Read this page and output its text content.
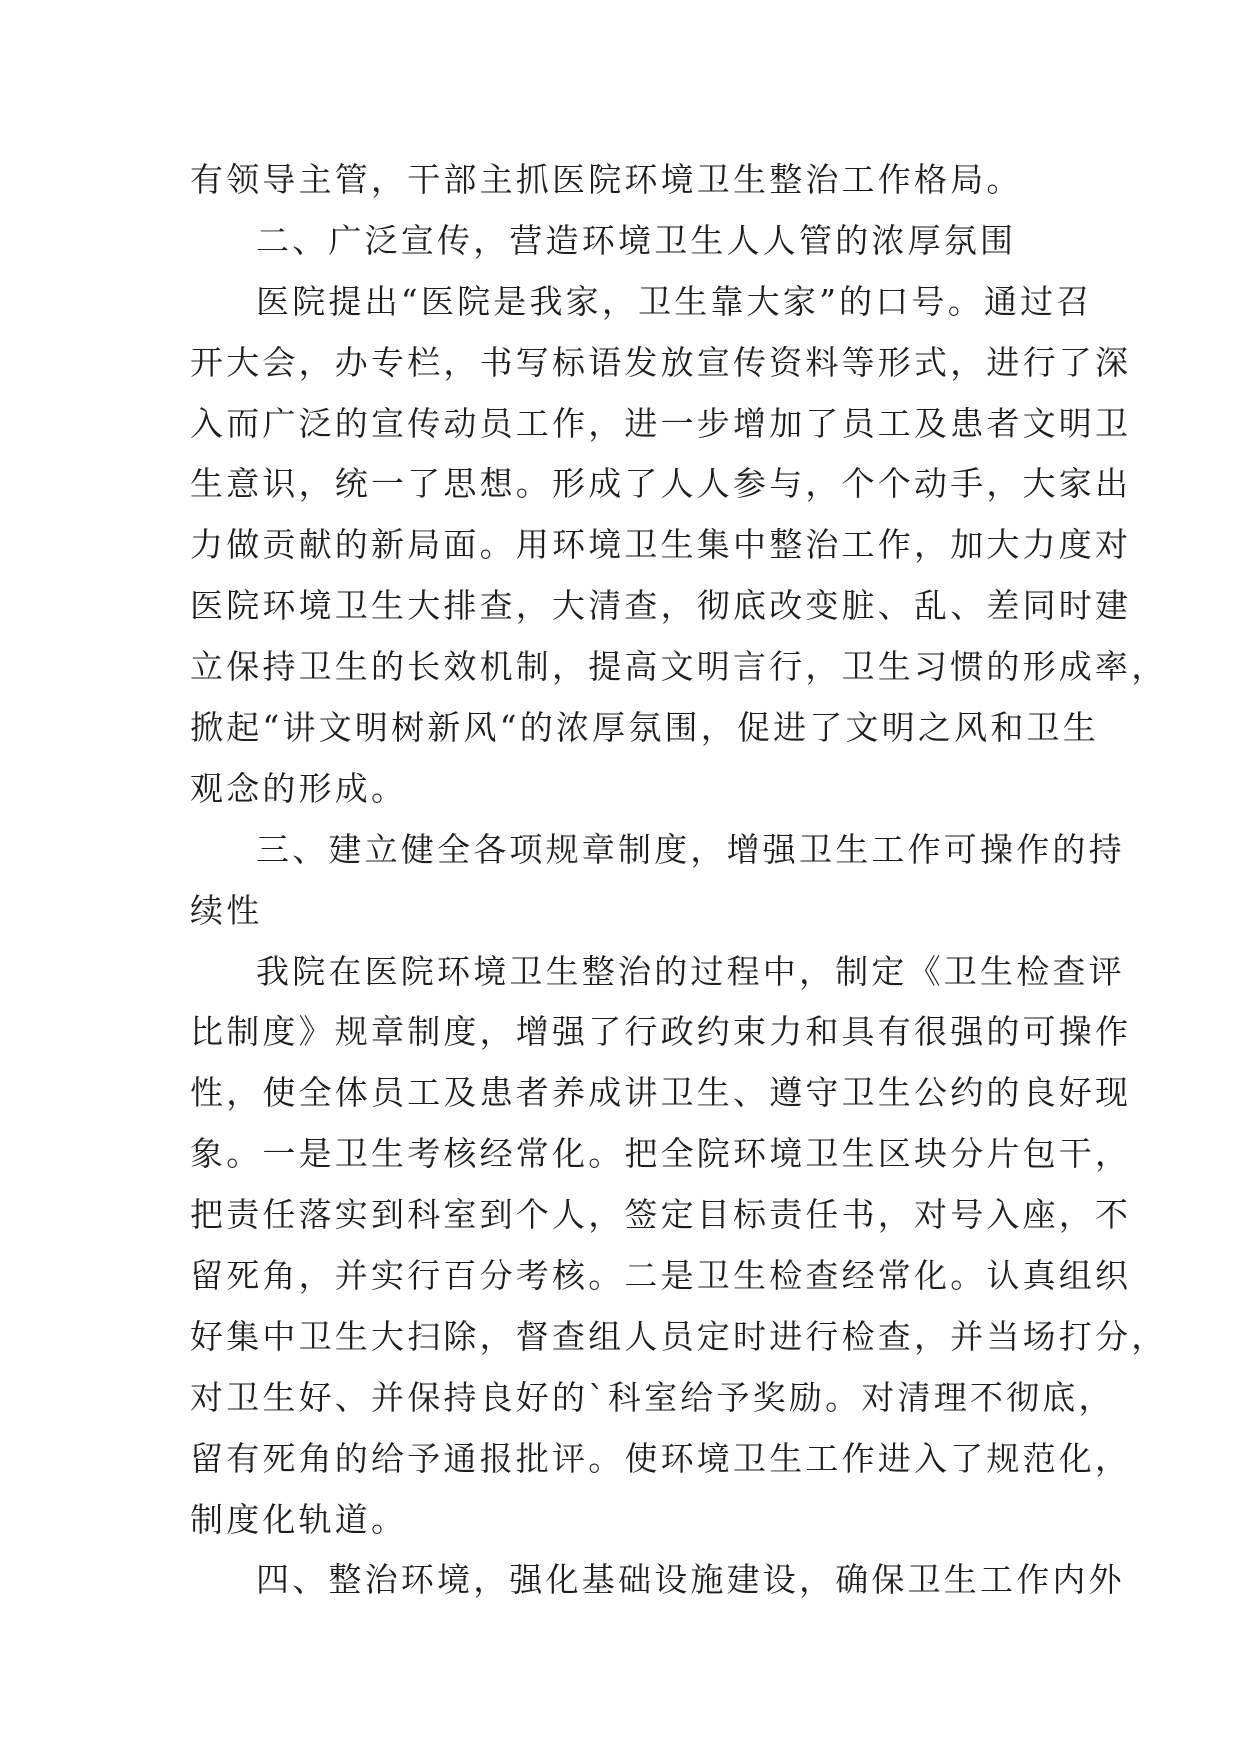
有领导主管，干部主抓医院环境卫生整治工作格局。

二、广泛宣传，营造环境卫生人人管的浓厚氛围

医院提出“医院是我家，卫生靠大家”的口号。通过召

开大会，办专栏，书写标语发放宣传资料等形式，进行了深

入而广泛的宣传动员工作，进一步增加了员工及患者文明卫

生意识，统一了思想。形成了人人参与，个个动手，大家出

力做贡献的新局面。用环境卫生集中整治工作，加大力度对

医院环境卫生大排查，大清查，彻底改变脏、乱、差同时建

立保持卫生的长效机制，提高文明言行，卫生习惯的形成率，

掀起“讲文明树新风“的浓厚氛围，促进了文明之风和卫生

观念的形成。

三、建立健全各项规章制度，增强卫生工作可操作的持

续性

我院在医院环境卫生整治的过程中，制定《卫生检查评

比制度》规章制度，增强了行政约束力和具有很强的可操作

性，使全体员工及患者养成讲卫生、遵守卫生公约的良好现

象。一是卫生考核经常化。把全院环境卫生区块分片包干，

把责任落实到科室到个人，签定目标责任书，对号入座，不

留死角，并实行百分考核。二是卫生检查经常化。认真组织

好集中卫生大扫除，督查组人员定时进行检查，并当场打分，

对卫生好、并保持良好的`科室给予奖励。对清理不彻底，

留有死角的给予通报批评。使环境卫生工作进入了规范化，

制度化轨道。

四、整治环境，强化基础设施建设，确保卫生工作内外
